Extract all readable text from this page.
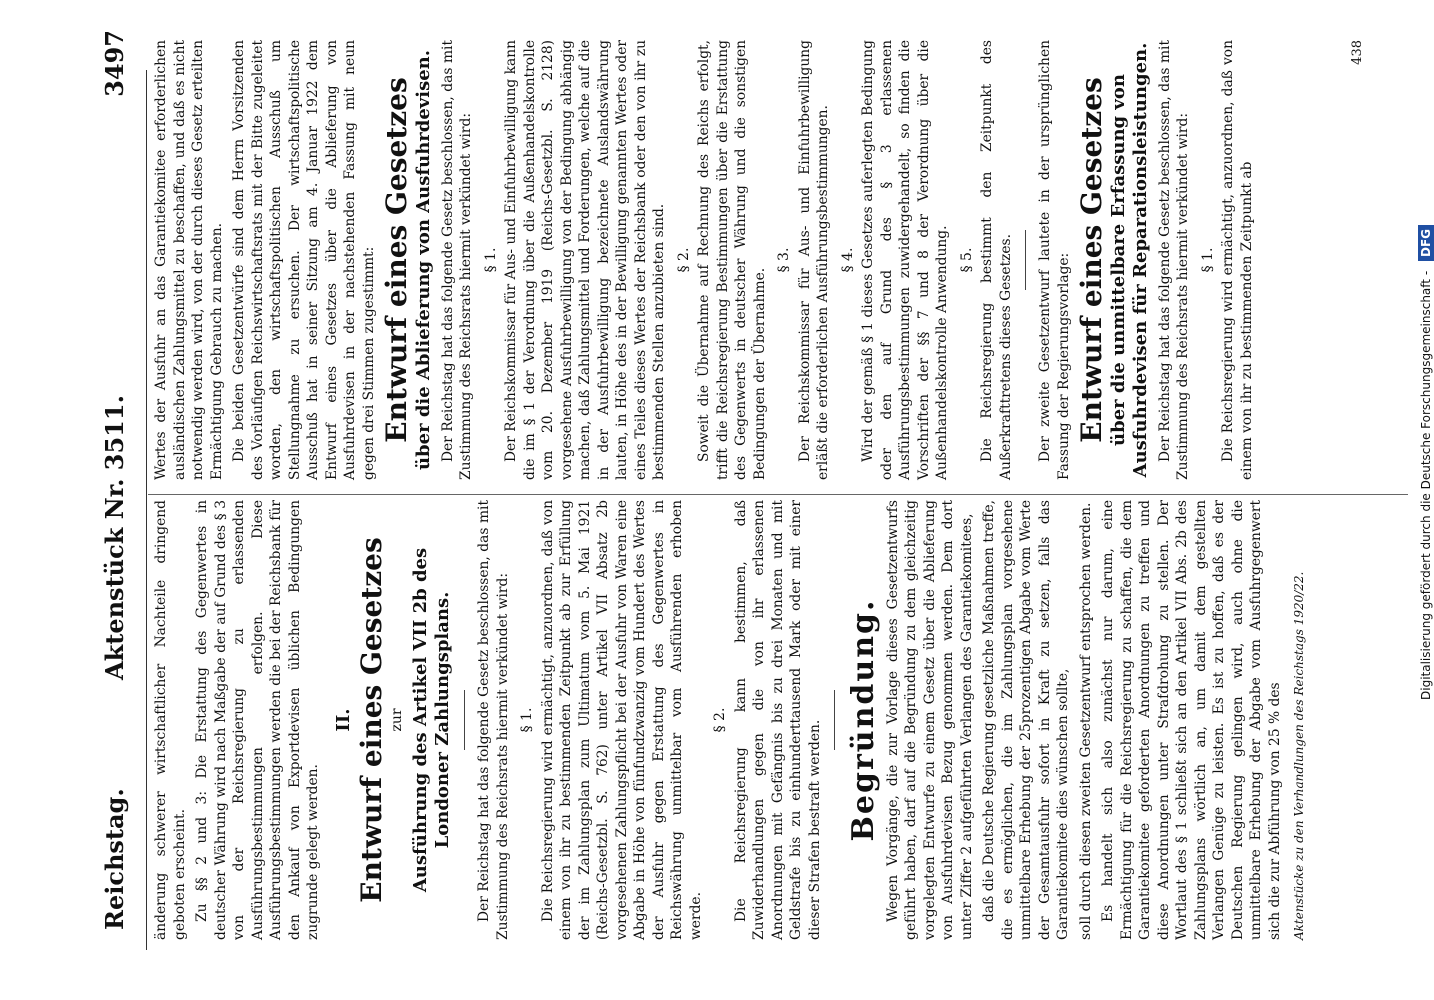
Reichstag.
Aktenstück Nr. 3511.
3497

änderung schwerer wirtschaftlicher Nachteile dringend geboten erscheint. Zu §§ 2 und 3: Die Erstattung des Gegenwertes in deutscher Währung wird nach Maßgabe der auf Grund des § 3 von der Reichsregierung zu erlassenden Ausführungsbestimmungen erfolgen. Diese Ausführungsbestimmungen werden die bei der Reichsbank für den Ankauf von Exportdevisen üblichen Bedingungen zugrunde gelegt werden.

II. Entwurf eines Gesetzes zur Ausführung des Artikel VII 2b des Londoner Zahlungsplans. Der Reichstag hat das folgende Gesetz beschlossen, das mit Zustimmung des Reichsrats hiermit verkündet wird: § 1. Die Reichsregierung wird ermächtigt, anzuordnen, daß von einem von ihr zu bestimmenden Zeitpunkt ab zur Erfüllung der im Zahlungsplan zum Ultimatum vom 5. Mai 1921 (Reichs-Gesetzbl. S. 762) unter Artikel VII Absatz 2b vorgesehenen Zahlungspflicht bei der Ausfuhr von Waren eine Abgabe in Höhe von fünfundzwanzig vom Hundert des Wertes der Ausfuhr gegen Erstattung des Gegenwertes in Reichswährung unmittelbar vom Ausführenden erhoben werde.

§ 2. Die Reichsregierung kann bestimmen, daß Zuwiderhandlungen gegen die von ihr erlassenen Anordnungen mit Gefängnis bis zu drei Monaten und mit Geldstrafe bis zu einhunderttausend Mark oder mit einer dieser Strafen bestraft werden. Begründung. Wegen Vorgänge, die zur Vorlage dieses Gesetzentwurfs geführt haben, darf auf die Begründung zu dem gleichzeitig vorgelegten Entwurfe zu einem Gesetz über die Ablieferung von Ausfuhrdevisen Bezug genommen werden. Dem dort unter Ziffer 2 aufgeführten Verlangen des Garantiekomitees, daß die Deutsche Regierung gesetzliche Maßnahmen treffe, die es ermöglichen, die im Zahlungsplan vorgesehene unmittelbare Erhebung der 25prozentigen Abgabe vom Werte der Gesamtausfuhr sofort in Kraft zu setzen, falls das Garantiekomitee dies wünschen sollte, soll durch diesen zweiten Gesetzentwurf entsprochen werden. Es handelt sich also zunächst nur darum, eine Ermächtigung für die Reichsregierung zu schaffen, die dem Garantiekomitee geforderten Anordnungen zu treffen und diese Anordnungen unter Strafdrohung zu stellen. Der Wortlaut des § 1 schließt sich an den Artikel VII Abs. 2b des Zahlungsplans wörtlich an, um damit dem gestellten Verlangen Genüge zu leisten. Es ist zu hoffen, daß es der Deutschen Regierung gelingen wird, auch ohne die unmittelbare Erhebung der Abgabe vom Ausfuhrgegenwert sich die zur Abführung von 25 % des Aktenstücke zu den Verhandlungen des Reichstags 1920/22.

Wertes der Ausfuhr an das Garantiekomitee erforderlichen ausländischen Zahlungsmittel zu beschaffen, und daß es nicht notwendig werden wird, von der durch dieses Gesetz erteilten Ermächtigung Gebrauch zu machen. Die beiden Gesetzentwürfe sind dem Herrn Vorsitzenden des Vorläufigen Reichswirtschaftsrats mit der Bitte zugeleitet worden, den wirtschaftspolitischen Ausschuß um Stellungnahme zu ersuchen. Der wirtschaftspolitische Ausschuß hat in seiner Sitzung am 4. Januar 1922 dem Entwurf eines Gesetzes über die Ablieferung von Ausfuhrdevisen in der nachstehenden Fassung mit neun gegen drei Stimmen zugestimmt: Entwurf eines Gesetzes über die Ablieferung von Ausfuhrdevisen. Der Reichstag hat das folgende Gesetz beschlossen, das mit Zustimmung des Reichsrats hiermit verkündet wird: § 1. Der Reichskommissar für Aus- und Einfuhrbewilligung kann die im § 1 der Verordnung über die Außenhandelskontrolle vom 20. Dezember 1919 (Reichs-Gesetzbl. S. 2128) vorgesehene Ausfuhrbewilligung von der Bedingung abhängig machen, daß Zahlungsmittel und Forderungen, welche auf die in der Ausfuhrbewilligung bezeichnete Auslandswährung lauten, in Höhe des in der Bewilligung genannten Wertes oder eines Teiles dieses Wertes der Reichsbank oder den von ihr zu bestimmenden Stellen anzubieten sind. § 2. Soweit die Übernahme auf Rechnung des Reichs erfolgt, trifft die Reichsregierung Bestimmungen über die Erstattung des Gegenwerts in deutscher Währung und die sonstigen Bedingungen der Übernahme.

§ 3. Der Reichskommissar für Aus- und Einfuhrbewilligung erläßt die erforderlichen Ausführungsbestimmungen. § 4. Wird der gemäß § 1 dieses Gesetzes auferlegten Bedingung oder den auf Grund des § 3 erlassenen Ausführungsbestimmungen zuwidergehandelt, so finden die Vorschriften der §§ 7 und 8 der Verordnung über die Außenhandelskontrolle Anwendung. § 5. Die Reichsregierung bestimmt den Zeitpunkt des Außerkrafttretens dieses Gesetzes. Der zweite Gesetzentwurf lautete in der ursprünglichen Fassung der Regierungsvorlage: Entwurf eines Gesetzes über die unmittelbare Erfassung von Ausfuhrdevisen für Reparationsleistungen. Der Reichstag hat das folgende Gesetz beschlossen, das mit Zustimmung des Reichsrats hiermit verkündet wird: § 1. Die Reichsregierung wird ermächtigt, anzuordnen, daß von einem von ihr zu bestimmenden Zeitpunkt ab

438
Digitalisierung gefördert durch die Deutsche Forschungsgemeinschaft - DFG
